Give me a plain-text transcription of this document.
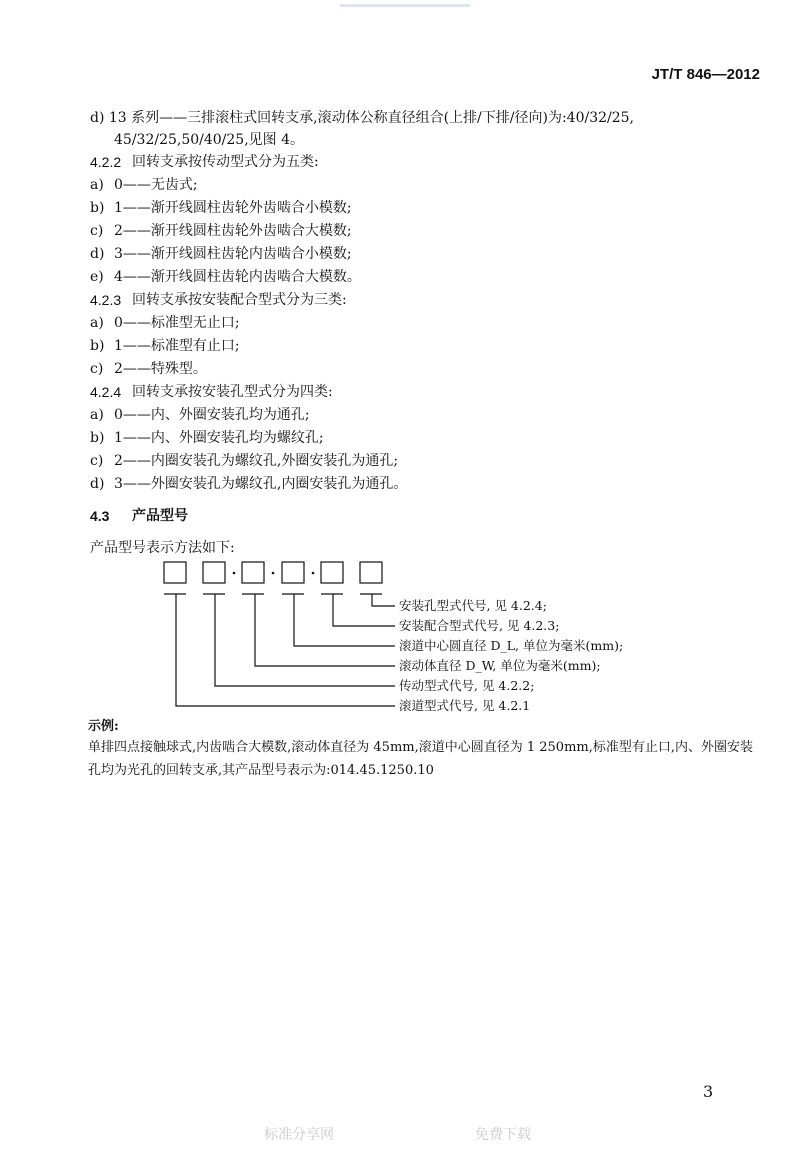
JT/T 846—2012
d) 13 系列——三排滚柱式回转支承,滚动体公称直径组合(上排/下排/径向)为:40/32/25,
45/32/25,50/40/25,见图 4。
4.2.2 回转支承按传动型式分为五类:
a) 0——无齿式;
b) 1——渐开线圆柱齿轮外齿啮合小模数;
c) 2——渐开线圆柱齿轮外齿啮合大模数;
d) 3——渐开线圆柱齿轮内齿啮合小模数;
e) 4——渐开线圆柱齿轮内齿啮合大模数。
4.2.3 回转支承按安装配合型式分为三类:
a) 0——标准型无止口;
b) 1——标准型有止口;
c) 2——特殊型。
4.2.4 回转支承按安装孔型式分为四类:
a) 0——内、外圈安装孔均为通孔;
b) 1——内、外圈安装孔均为螺纹孔;
c) 2——内圈安装孔为螺纹孔,外圈安装孔为通孔;
d) 3——外圈安装孔为螺纹孔,内圈安装孔为通孔。
4.3 产品型号
产品型号表示方法如下:
安装孔型式代号, 见 4.2.4;
安装配合型式代号, 见 4.2.3;
滚道中心圆直径 D_L, 单位为毫米(mm);
滚动体直径 D_W, 单位为毫米(mm);
传动型式代号, 见 4.2.2;
滚道型式代号, 见 4.2.1
示例:
单排四点接触球式,内齿啮合大模数,滚动体直径为 45mm,滚道中心圆直径为 1 250mm,标准型有止口,内、外圈安装
孔均为光孔的回转支承,其产品型号表示为:014.45.1250.10
3
标准分享网	免费下载
